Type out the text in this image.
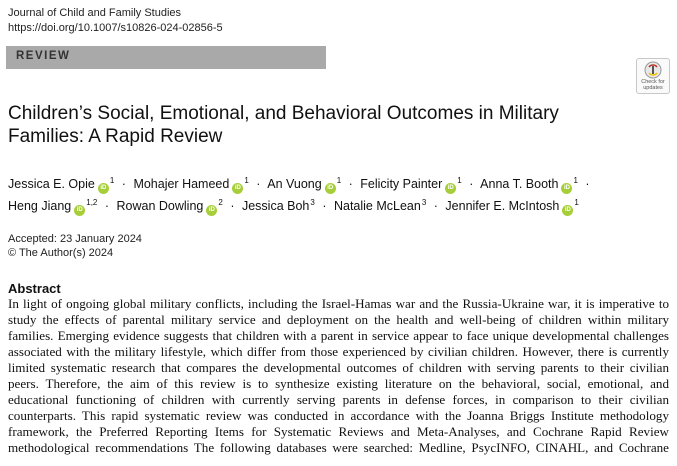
Journal of Child and Family Studies
https://doi.org/10.1007/s10826-024-02856-5
REVIEW
Check for
updates
Children’s Social, Emotional, and Behavioral Outcomes in Military
Families: A Rapid Review
Jessica E. Opie $iD^1$ · Mohajer Hameed $iD^1 \cdot An$ Vuong $iD^1$ · Felicity Painter $iD^1$ · Anna T. Booth $iD^1$ · Heng Jiang iD$^{1,2}$ · Rowan Dowling $iD^2$ · Jessica Boh$^3$ · Natalie McLean$^3$ · Jennifer E. McIntosh $iD^1$
Accepted: 23 January 2024
© The Author(s) 2024
Abstract
In light of ongoing global military conflicts, including the Israel-Hamas war and the Russia-Ukraine war, it is imperative to
study the effects of parental military service and deployment on the health and well-being of children within military
families. Emerging evidence suggests that children with a parent in service appear to face unique developmental challenges
associated with the military lifestyle, which differ from those experienced by civilian children. However, there is currently
limited systematic research that compares the developmental outcomes of children with serving parents to their civilian
peers. Therefore, the aim of this review is to synthesize existing literature on the behavioral, social, emotional, and
educational functioning of children with currently serving parents in defense forces, in comparison to their civilian
counterparts. This rapid systematic review was conducted in accordance with the Joanna Briggs Institute methodology
framework, the Preferred Reporting Items for Systematic Reviews and Meta-Analyses, and Cochrane Rapid Review
methodological recommendations The following databases were searched: Medline, PsycINFO, CINAHL, and Cochrane
